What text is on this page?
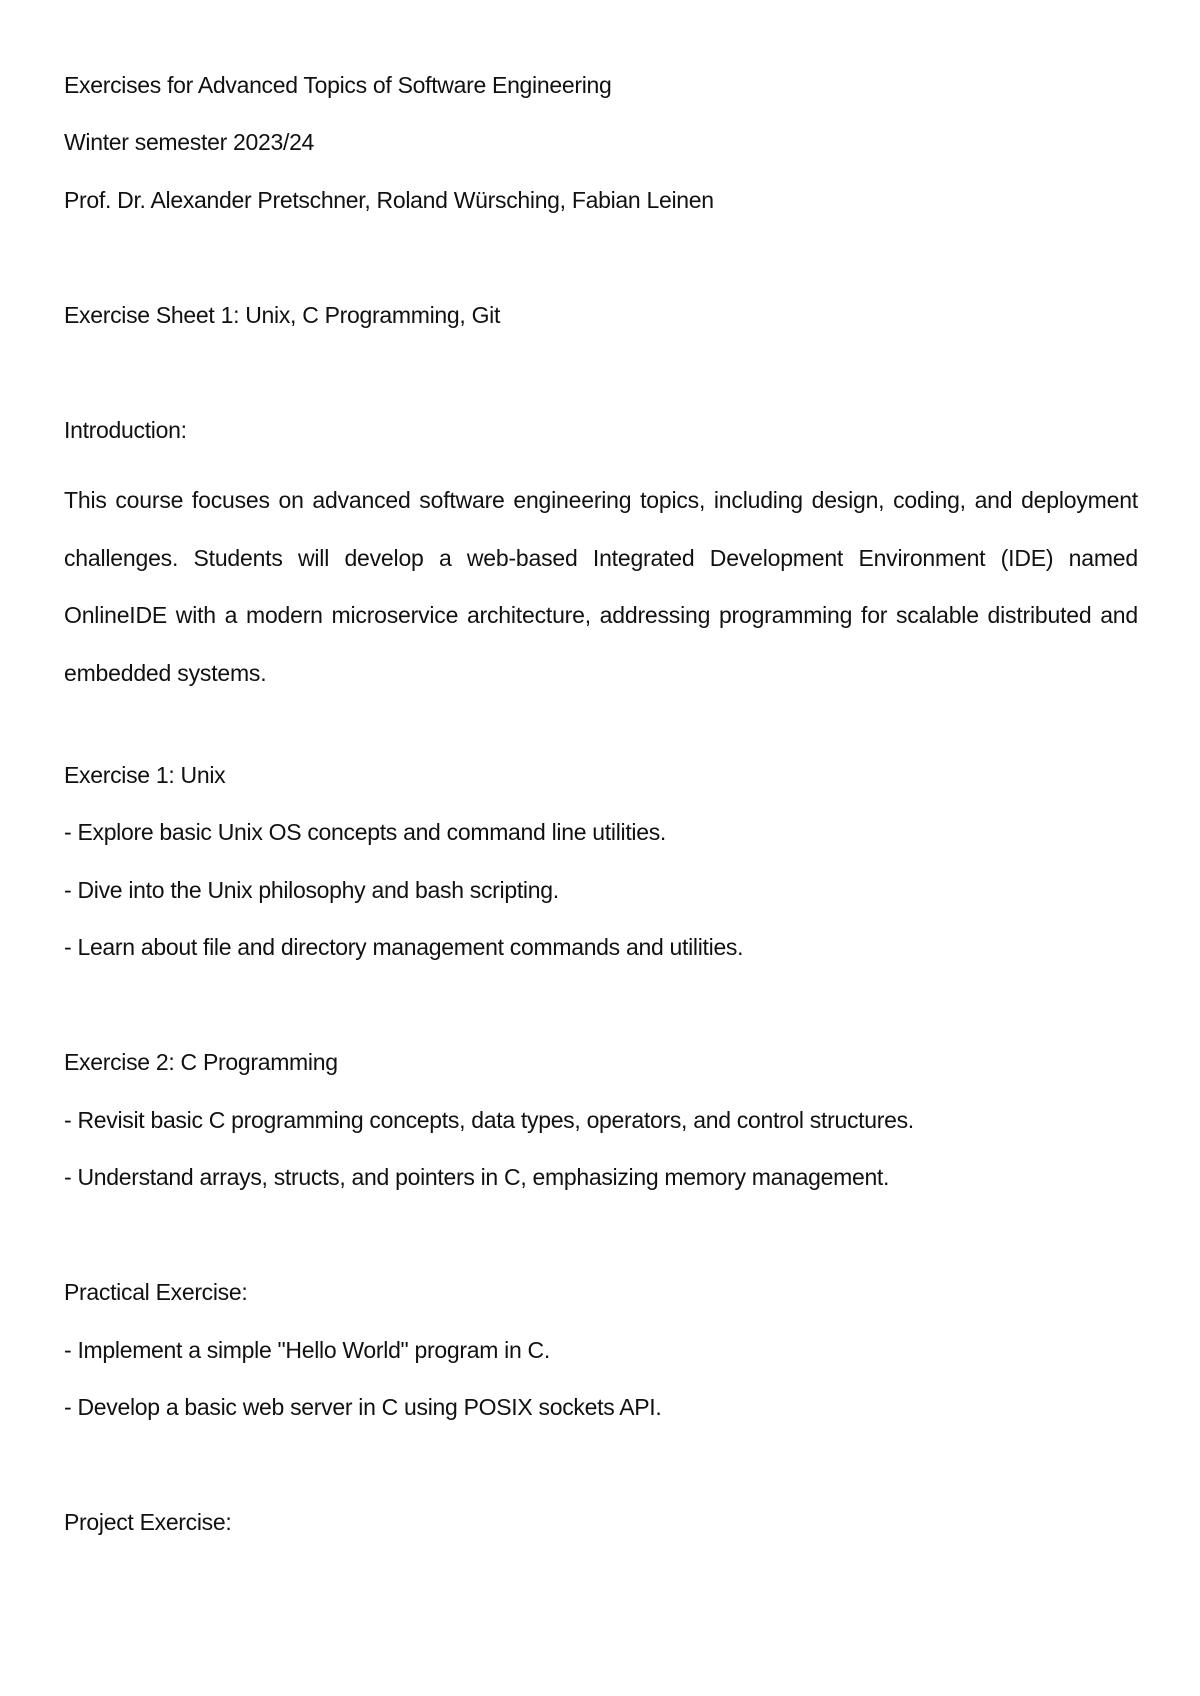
Exercises for Advanced Topics of Software Engineering
Winter semester 2023/24
Prof. Dr. Alexander Pretschner, Roland Würsching, Fabian Leinen
Exercise Sheet 1: Unix, C Programming, Git
Introduction:
This course focuses on advanced software engineering topics, including design, coding, and deployment challenges. Students will develop a web-based Integrated Development Environment (IDE) named OnlineIDE with a modern microservice architecture, addressing programming for scalable distributed and embedded systems.
Exercise 1: Unix
- Explore basic Unix OS concepts and command line utilities.
- Dive into the Unix philosophy and bash scripting.
- Learn about file and directory management commands and utilities.
Exercise 2: C Programming
- Revisit basic C programming concepts, data types, operators, and control structures.
- Understand arrays, structs, and pointers in C, emphasizing memory management.
Practical Exercise:
- Implement a simple "Hello World" program in C.
- Develop a basic web server in C using POSIX sockets API.
Project Exercise:
